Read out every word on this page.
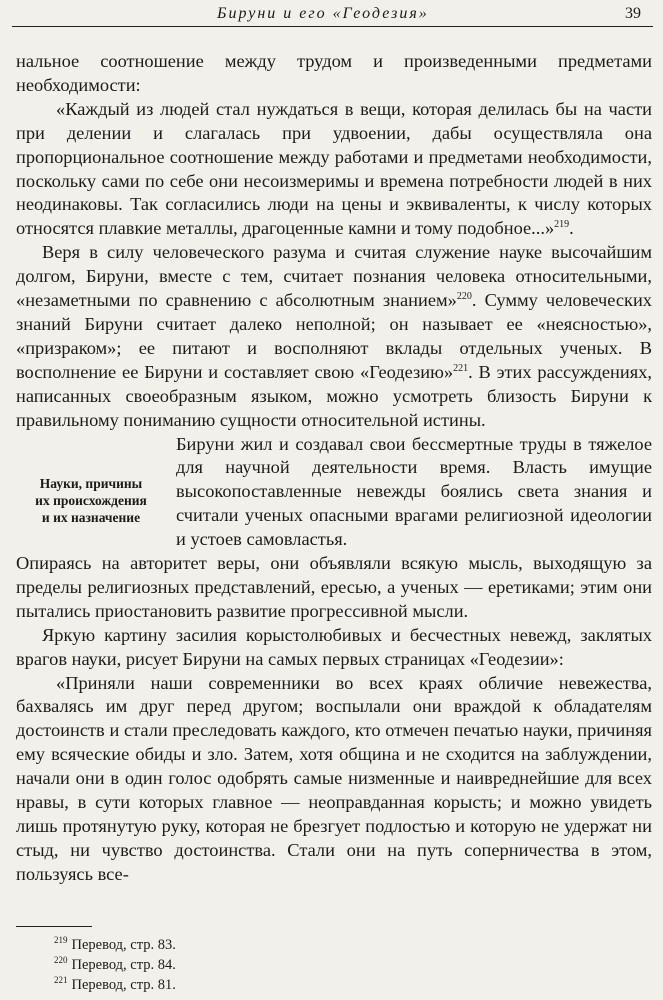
Бируни и его «Геодезия»	39

нальное соотношение между трудом и произведенными предметами необходимости:

«Каждый из людей стал нуждаться в вещи, которая делилась бы на части при делении и слагалась при удвоении, дабы осуществляла она пропорциональное соотношение между работами и предметами необходимости, поскольку сами по себе они несоизмеримы и времена потребности людей в них неодинаковы. Так согласились люди на цены и эквиваленты, к числу которых относятся плавкие металлы, драгоценные камни и тому подобное...»$^{219}$.

Веря в силу человеческого разума и считая служение науке высочайшим долгом, Бируни, вместе с тем, считает познания человека относительными, «незаметными по сравнению с абсолютным знанием»$^{220}$. Сумму человеческих знаний Бируни считает далеко неполной; он называет ее «неясностью», «призраком»; ее питают и восполняют вклады отдельных ученых. В восполнение ее Бируни и составляет свою «Геодезию»$^{221}$. В этих рассуждениях, написанных своеобразным языком, можно усмотреть близость Бируни к правильному пониманию сущности относительной истины.

Науки, причины
их происхождения
и их назначение
Бируни жил и создавал свои бессмертные труды в тяжелое для научной деятельности время. Власть имущие высокопоставленные невежды боялись света знания и считали ученых опасными врагами религиозной идеологии и устоев самовластья.

Опираясь на авторитет веры, они объявляли всякую мысль, выходящую за пределы религиозных представлений, ересью, а ученых — еретиками; этим они пытались приостановить развитие прогрессивной мысли.

Яркую картину засилия корыстолюбивых и бесчестных невежд, заклятых врагов науки, рисует Бируни на самых первых страницах «Геодезии»:

«Приняли наши современники во всех краях обличие невежества, бахвалясь им друг перед другом; воспылали они враждой к обладателям достоинств и стали преследовать каждого, кто отмечен печатью науки, причиняя ему всяческие обиды и зло. Затем, хотя община и не сходится на заблуждении, начали они в один голос одобрять самые низменные и наивреднейшие для всех нравы, в сути которых главное — неоправданная корысть; и можно увидеть лишь протянутую руку, которая не брезгует подлостью и которую не удержат ни стыд, ни чувство достоинства. Стали они на путь соперничества в этом, пользуясь все-

$^{219}$ Перевод, стр. 83.
$^{220}$ Перевод, стр. 84.
$^{221}$ Перевод, стр. 81.
